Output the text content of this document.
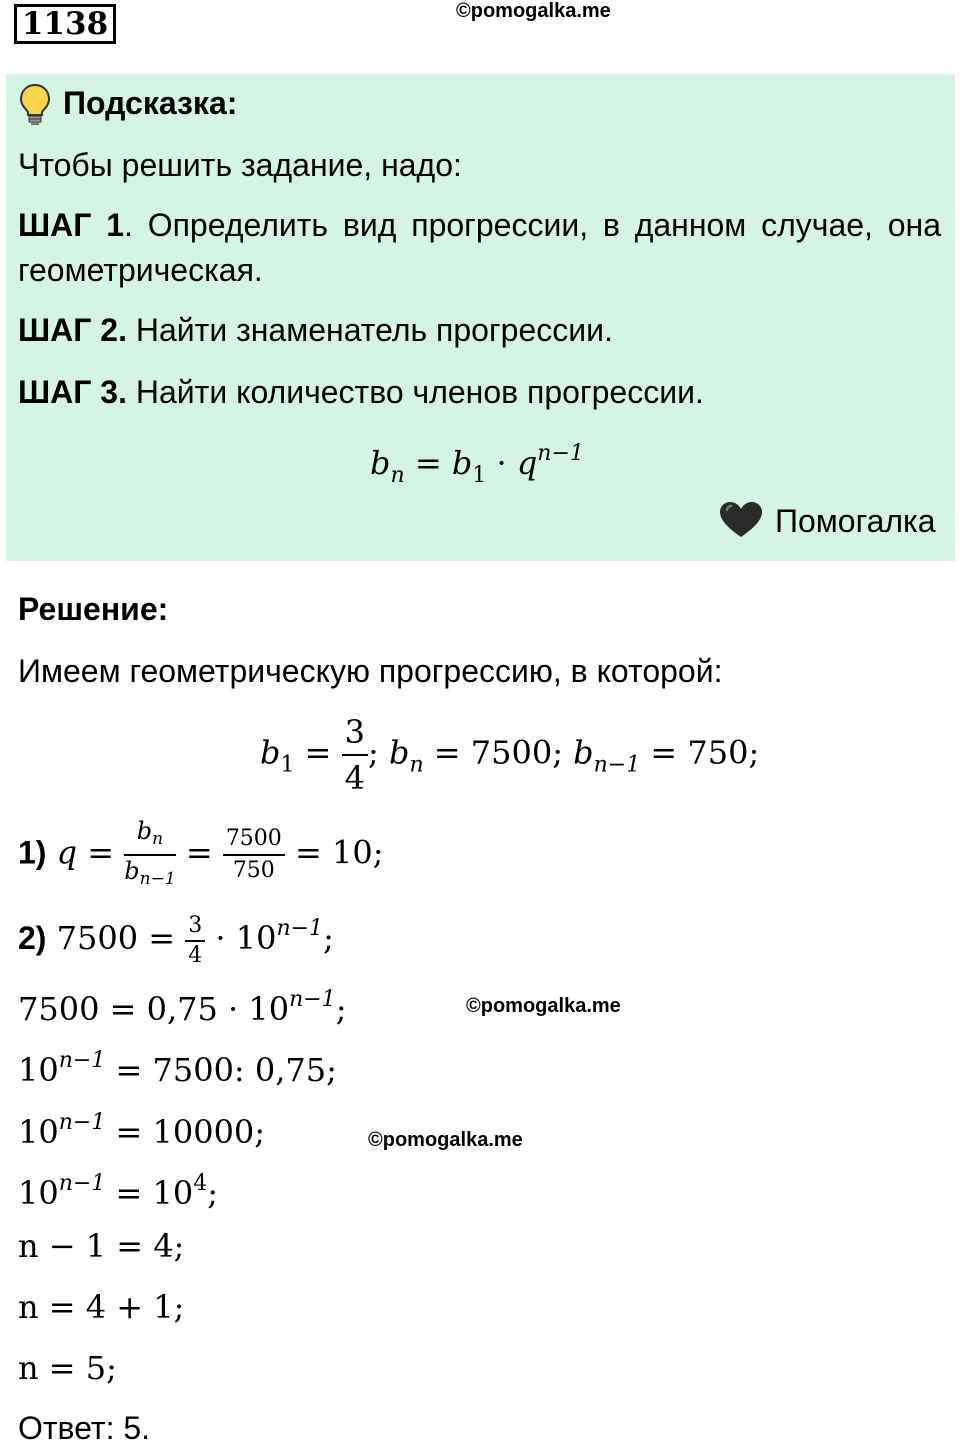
1138	©pomogalka.me
Подсказка:
Чтобы решить задание, надо:
ШАГ 1. Определить вид прогрессии, в данном случае, она
геометрическая.
ШАГ 2. Найти знаменатель прогрессии.
ШАГ 3. Найти количество членов прогрессии.
$b_n = b_1 \cdot q^{n-1}$
Помогалка
Решение:
Имеем геометрическую прогрессию, в которой:
$b_1 = \frac{3}{4}$ ; $b_n = 7500$; $b_{n-1} = 750$;
1) $q = \frac{b_n}{b_{n-1}} = \frac{7500}{750} = 10$;
2) $7500 = \frac{3}{4} \cdot 10^{n-1}$;
$7500 = 0,75 \cdot 10^{n-1}$;	©pomogalka.me
$10^{n-1} = 7500$: 0,75;
$10^{n-1} = 10000$;	©pomogalka.me
$10^{n-1} = 10^4$;
n − 1 = 4;
n = 4 + 1;
n = 5;
Ответ: 5.
